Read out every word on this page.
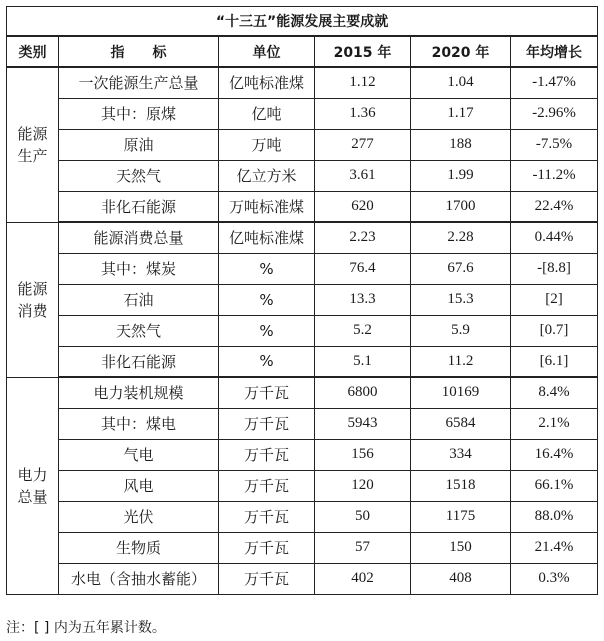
“十三五”能源发展主要成就					
类别	指　　标	单位	2015 年	2020 年	年均增长

能源
生产	一次能源生产总量	亿吨标准煤	1.12	1.04	-1.47%
	其中：原煤	亿吨	1.36	1.17	-2.96%
	原油	万吨	277	188	-7.5%
	天然气	亿立方米	3.61	1.99	-11.2%
	非化石能源	万吨标准煤	620	1700	22.4%

能源
消费	能源消费总量	亿吨标准煤	2.23	2.28	0.44%
	其中：煤炭	%	76.4	67.6	-[8.8]
	石油	%	13.3	15.3	[2]
	天然气	%	5.2	5.9	[0.7]
	非化石能源	%	5.1	11.2	[6.1]

电力
总量	电力装机规模	万千瓦	6800	10169	8.4%
	其中：煤电	万千瓦	5943	6584	2.1%
	气电	万千瓦	156	334	16.4%
	风电	万千瓦	120	1518	66.1%
	光伏	万千瓦	50	1175	88.0%
	生物质	万千瓦	57	150	21.4%
	水电（含抽水蓄能）	万千瓦	402	408	0.3%
注：[ ] 内为五年累计数。
